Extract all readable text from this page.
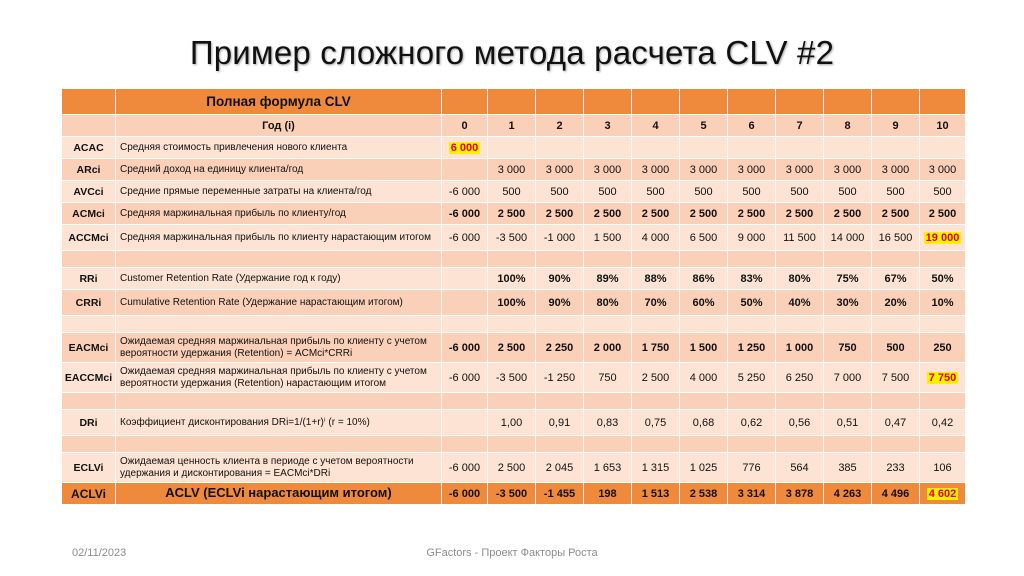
Пример сложного метода расчета CLV #2
	Полная формула CLV											
	Год (i)	0	1	2	3	4	5	6	7	8	9	10
ACAC	Средняя стоимость привлечения нового клиента	6 000										
ARci	Средний доход на единицу клиента/год		3 000	3 000	3 000	3 000	3 000	3 000	3 000	3 000	3 000	3 000
AVCci	Средние прямые переменные затраты на клиента/год	-6 000	500	500	500	500	500	500	500	500	500	500
ACMci	Средняя маржинальная прибыль по клиенту/год	-6 000	2 500	2 500	2 500	2 500	2 500	2 500	2 500	2 500	2 500	2 500
ACCMci	Средняя маржинальная прибыль по клиенту нарастающим итогом	-6 000	-3 500	-1 000	1 500	4 000	6 500	9 000	11 500	14 000	16 500	19 000

RRi	Customer Retention Rate (Удержание год к году)		100%	90%	89%	88%	86%	83%	80%	75%	67%	50%
CRRi	Cumulative Retention Rate (Удержание нарастающим итогом)		100%	90%	80%	70%	60%	50%	40%	30%	20%	10%

EACMci	Ожидаемая средняя маржинальная прибыль по клиенту с учетом вероятности удержания (Retention) = ACMci*CRRi	-6 000	2 500	2 250	2 000	1 750	1 500	1 250	1 000	750	500	250
EACCMci	Ожидаемая средняя маржинальная прибыль по клиенту с учетом вероятности удержания (Retention) нарастающим итогом	-6 000	-3 500	-1 250	750	2 500	4 000	5 250	6 250	7 000	7 500	7 750

DRi	Коэффициент дисконтирования DRi=1/(1+r)ⁱ (r = 10%)		1,00	0,91	0,83	0,75	0,68	0,62	0,56	0,51	0,47	0,42

ECLVi	Ожидаемая ценность клиента в периоде с учетом вероятности удержания и дисконтирования = EACMci*DRi	-6 000	2 500	2 045	1 653	1 315	1 025	776	564	385	233	106
ACLVi	ACLV (ECLVi нарастающим итогом)	-6 000	-3 500	-1 455	198	1 513	2 538	3 314	3 878	4 263	4 496	4 602
02/11/2023	GFactors - Проект Факторы Роста
